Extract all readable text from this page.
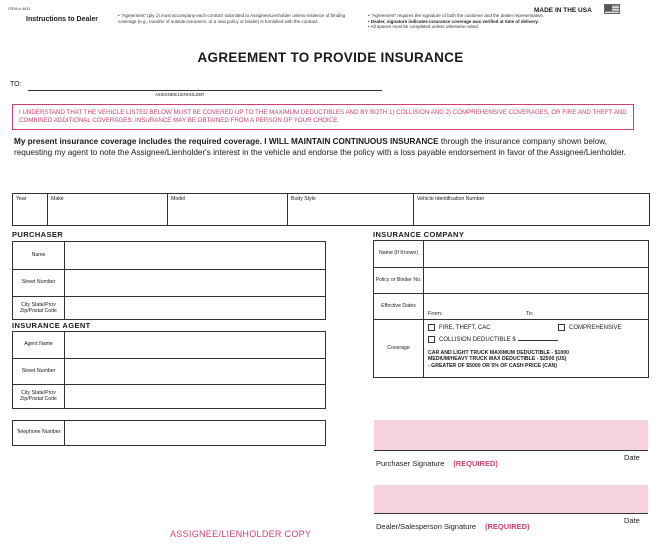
ITEM # 4611
Instructions to Dealer
• "Agreement" (ply 1) must accompany each contract submitted to Assignee/Lienholder unless evidence of binding coverage (e.g., transfer of outside insurance, or a new policy or binder) is furnished with the contract.
• "Agreement" requires the signature of both the customer and the dealer representative.
• Dealer, signature indicates insurance coverage was verified at time of delivery.
• All spaces must be completed unless otherwise noted.
MADE IN THE USA
AGREEMENT TO PROVIDE INSURANCE
TO:
ASSIGNEE/LIENHOLDER
I UNDERSTAND THAT THE VEHICLE LISTED BELOW MUST BE COVERED UP TO THE MAXIMUM DEDUCTIBLES AND BY BOTH 1) COLLISION AND 2) COMPREHENSIVE COVERAGES, OR FIRE AND THEFT AND COMBINED ADDITIONAL COVERAGES. INSURANCE MAY BE OBTAINED FROM A PERSON OF YOUR CHOICE.
My present insurance coverage includes the required coverage. I WILL MAINTAIN CONTINUOUS INSURANCE through the insurance company shown below, requesting my agent to note the Assignee/Lienholder's interest in the vehicle and endorse the policy with a loss payable endorsement in favor of the Assignee/Lienholder.
Year	Make	Model	Body Style	Vehicle Identification Number
PURCHASER
Name
Street Number
City State/Prov Zip/Postal Code
INSURANCE AGENT
Agent Name
Street Number
City State/Prov Zip/Postal Code
Telephone Number
INSURANCE COMPANY
Name (If Known)
Policy or Binder No.
Effective Dates
From:	To:
Coverage
FIRE, THEFT, CAC	COMPREHENSIVE
COLLISION DEDUCTIBLE $
CAR AND LIGHT TRUCK MAXIMUM DEDUCTIBLE - $1000
MEDIUM/HEAVY TRUCK MAX DEDUCTIBLE - $2500 (US)
- GREATER OF $5000 OR 5% OF CASH PRICE (CAN)
Purchaser Signature (REQUIRED)
Date
Dealer/Salesperson Signature (REQUIRED)
Date
ASSIGNEE/LIENHOLDER COPY
